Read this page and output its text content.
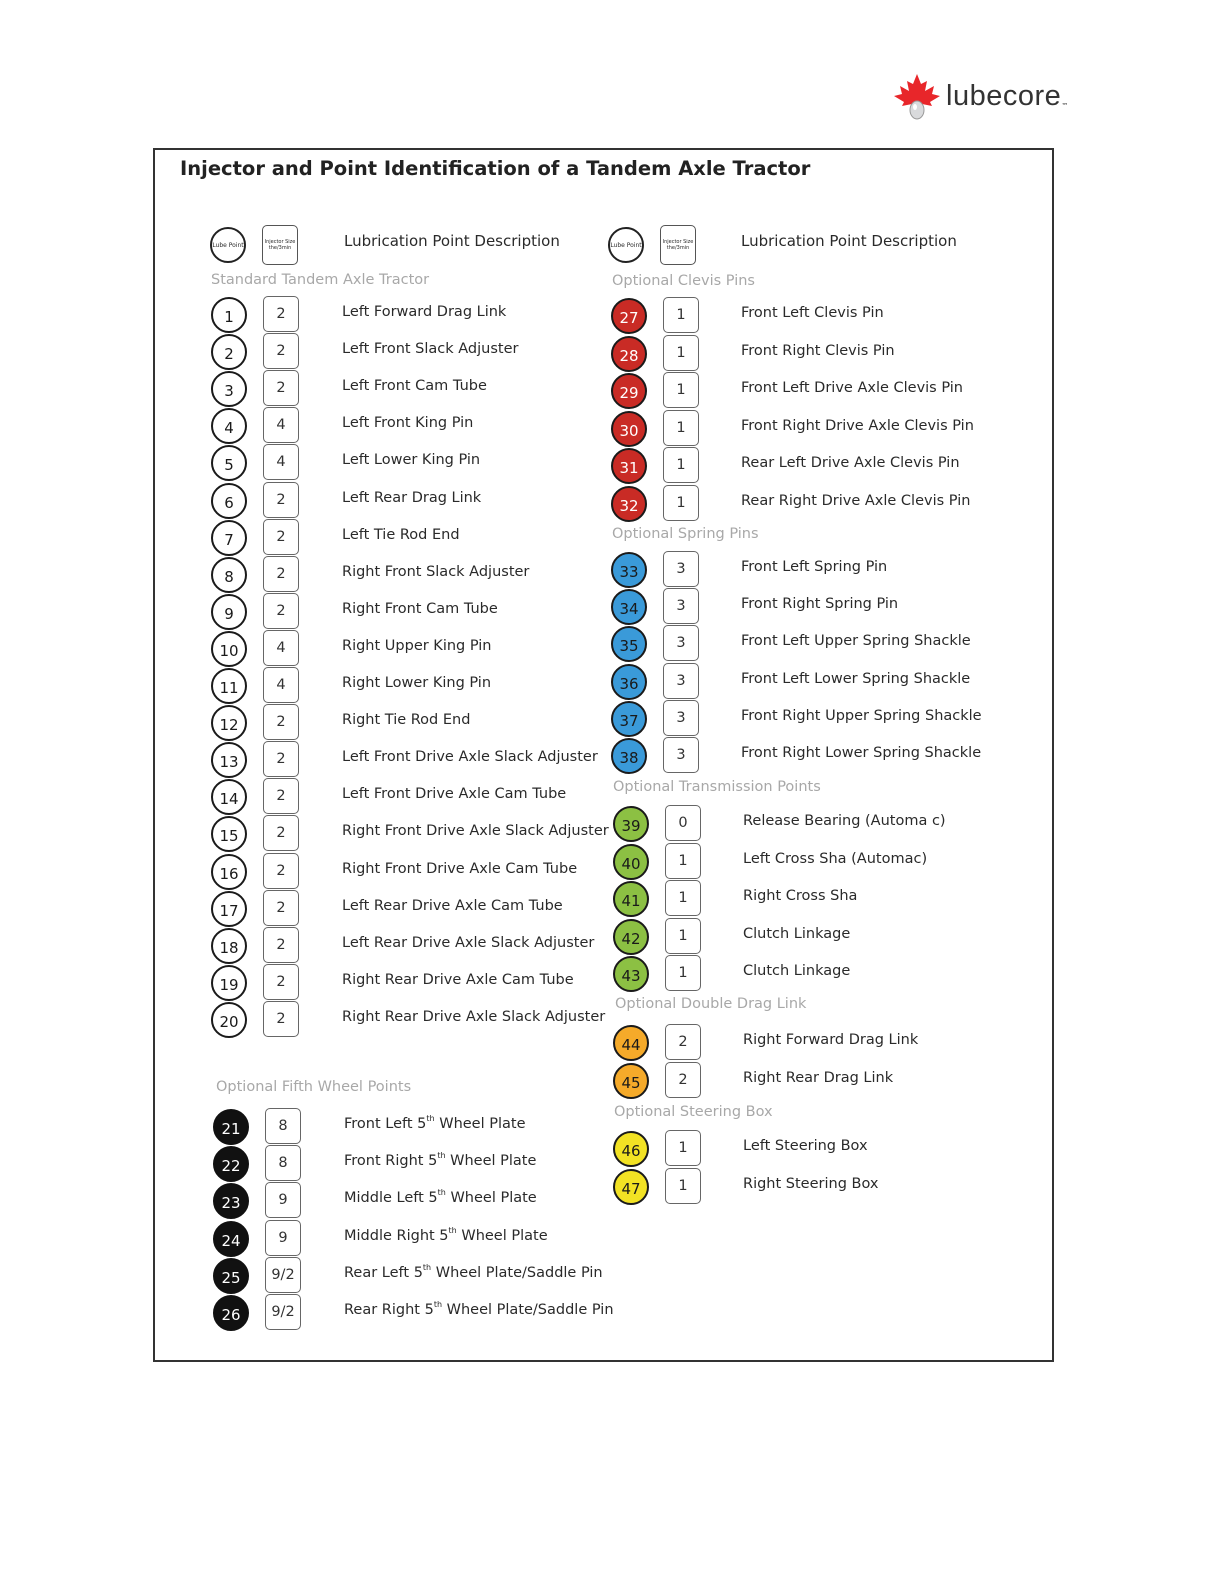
lubecore ™
Injector and Point Identification of a Tandem Axle Tractor
Lube Point	Injector Size the/3min	Lubrication Point Description	Lube Point	Injector Size the/3min	Lubrication Point Description
Standard Tandem Axle Tractor
Optional Fifth Wheel Points
1	2	Left Forward Drag Link
2	2	Left Front Slack Adjuster
3	2	Left Front Cam Tube
4	4	Left Front King Pin
5	4	Left Lower King Pin
6	2	Left Rear Drag Link
7	2	Left Tie Rod End
8	2	Right Front Slack Adjuster
9	2	Right Front Cam Tube
10	4	Right Upper King Pin
11	4	Right Lower King Pin
12	2	Right Tie Rod End
13	2	Left Front Drive Axle Slack Adjuster
14	2	Left Front Drive Axle Cam Tube
15	2	Right Front Drive Axle Slack Adjuster
16	2	Right Front Drive Axle Cam Tube
17	2	Left Rear Drive Axle Cam Tube
18	2	Left Rear Drive Axle Slack Adjuster
19	2	Right Rear Drive Axle Cam Tube
20	2	Right Rear Drive Axle Slack Adjuster
21	8	Front Left 5th Wheel Plate
22	8	Front Right 5th Wheel Plate
23	9	Middle Left 5th Wheel Plate
24	9	Middle Right 5th Wheel Plate
25	9/2	Rear Left 5th Wheel Plate/Saddle Pin
26	9/2	Rear Right 5th Wheel Plate/Saddle Pin
Optional Clevis Pins
Optional Spring Pins
Optional Transmission Points
Optional Double Drag Link
Optional Steering Box
27	1	Front Left Clevis Pin
28	1	Front Right Clevis Pin
29	1	Front Left Drive Axle Clevis Pin
30	1	Front Right Drive Axle Clevis Pin
31	1	Rear Left Drive Axle Clevis Pin
32	1	Rear Right Drive Axle Clevis Pin
33	3	Front Left Spring Pin
34	3	Front Right Spring Pin
35	3	Front Left Upper Spring Shackle
36	3	Front Left Lower Spring Shackle
37	3	Front Right Upper Spring Shackle
38	3	Front Right Lower Spring Shackle
39	0	Release Bearing (Automa c)
40	1	Left Cross Sha (Automac)
41	1	Right Cross Sha
42	1	Clutch Linkage
43	1	Clutch Linkage
44	2	Right Forward Drag Link
45	2	Right Rear Drag Link
46	1	Left Steering Box
47	1	Right Steering Box
